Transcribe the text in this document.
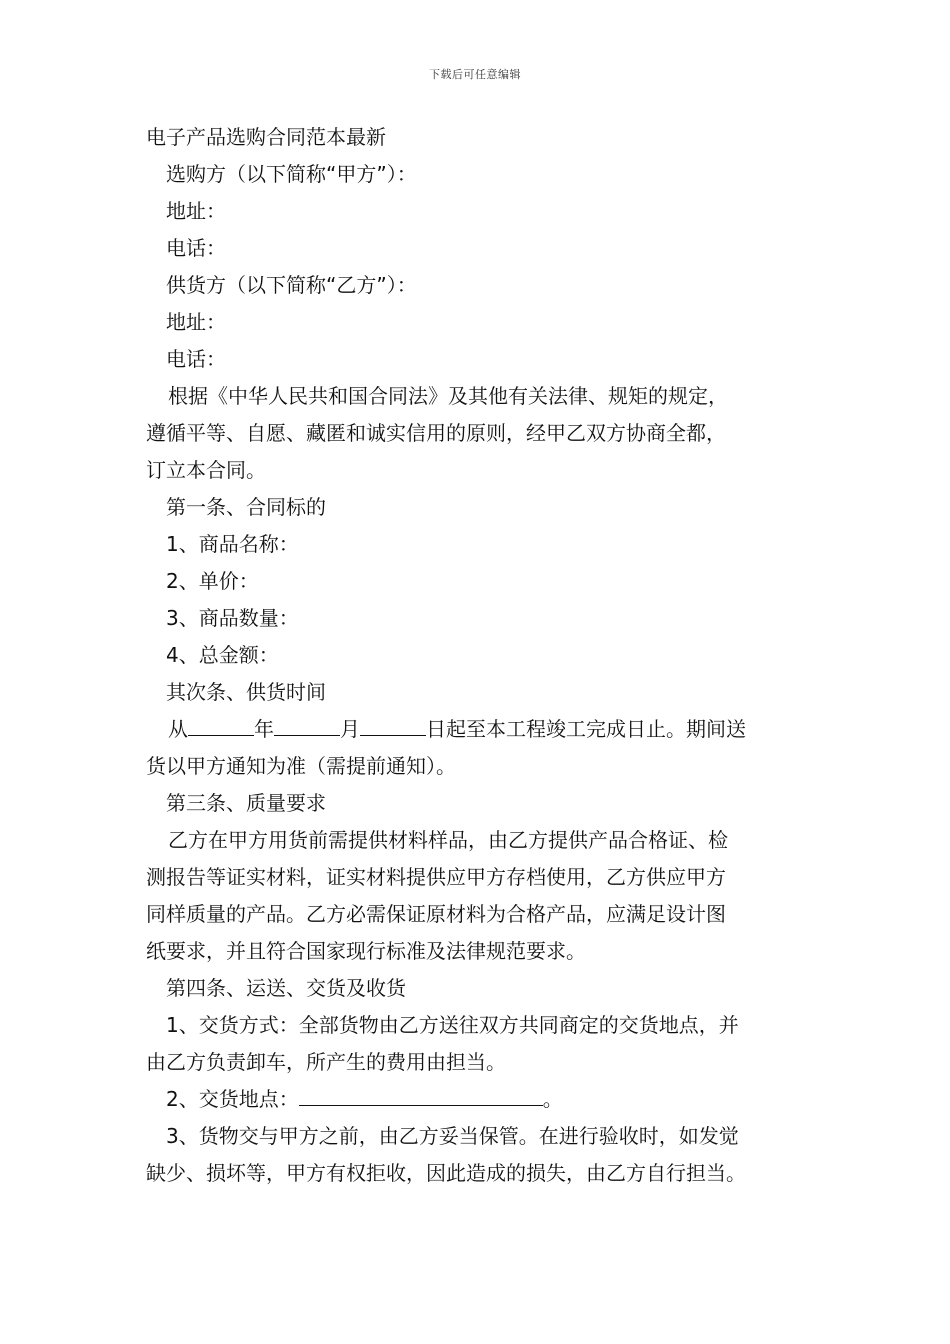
下载后可任意编辑

电子产品选购合同范本最新

选购方（以下简称“甲方”）：

地址：

电话：

供货方（以下简称“乙方”）：

地址：

电话：

根据《中华人民共和国合同法》及其他有关法律、规矩的规定，

遵循平等、自愿、藏匿和诚实信用的原则，经甲乙双方协商全都，

订立本合同。

第一条、合同标的

1、商品名称：

2、单价：

3、商品数量：

4、总金额：

其次条、供货时间

从	年	月	日起至本工程竣工完成日止。期间送

货以甲方通知为准（需提前通知）。

第三条、质量要求

乙方在甲方用货前需提供材料样品，由乙方提供产品合格证、检

测报告等证实材料，证实材料提供应甲方存档使用，乙方供应甲方

同样质量的产品。乙方必需保证原材料为合格产品，应满足设计图

纸要求，并且符合国家现行标准及法律规范要求。

第四条、运送、交货及收货

1、交货方式：全部货物由乙方送往双方共同商定的交货地点，并

由乙方负责卸车，所产生的费用由担当。

2、交货地点：	。

3、货物交与甲方之前，由乙方妥当保管。在进行验收时，如发觉

缺少、损坏等，甲方有权拒收，因此造成的损失，由乙方自行担当。
